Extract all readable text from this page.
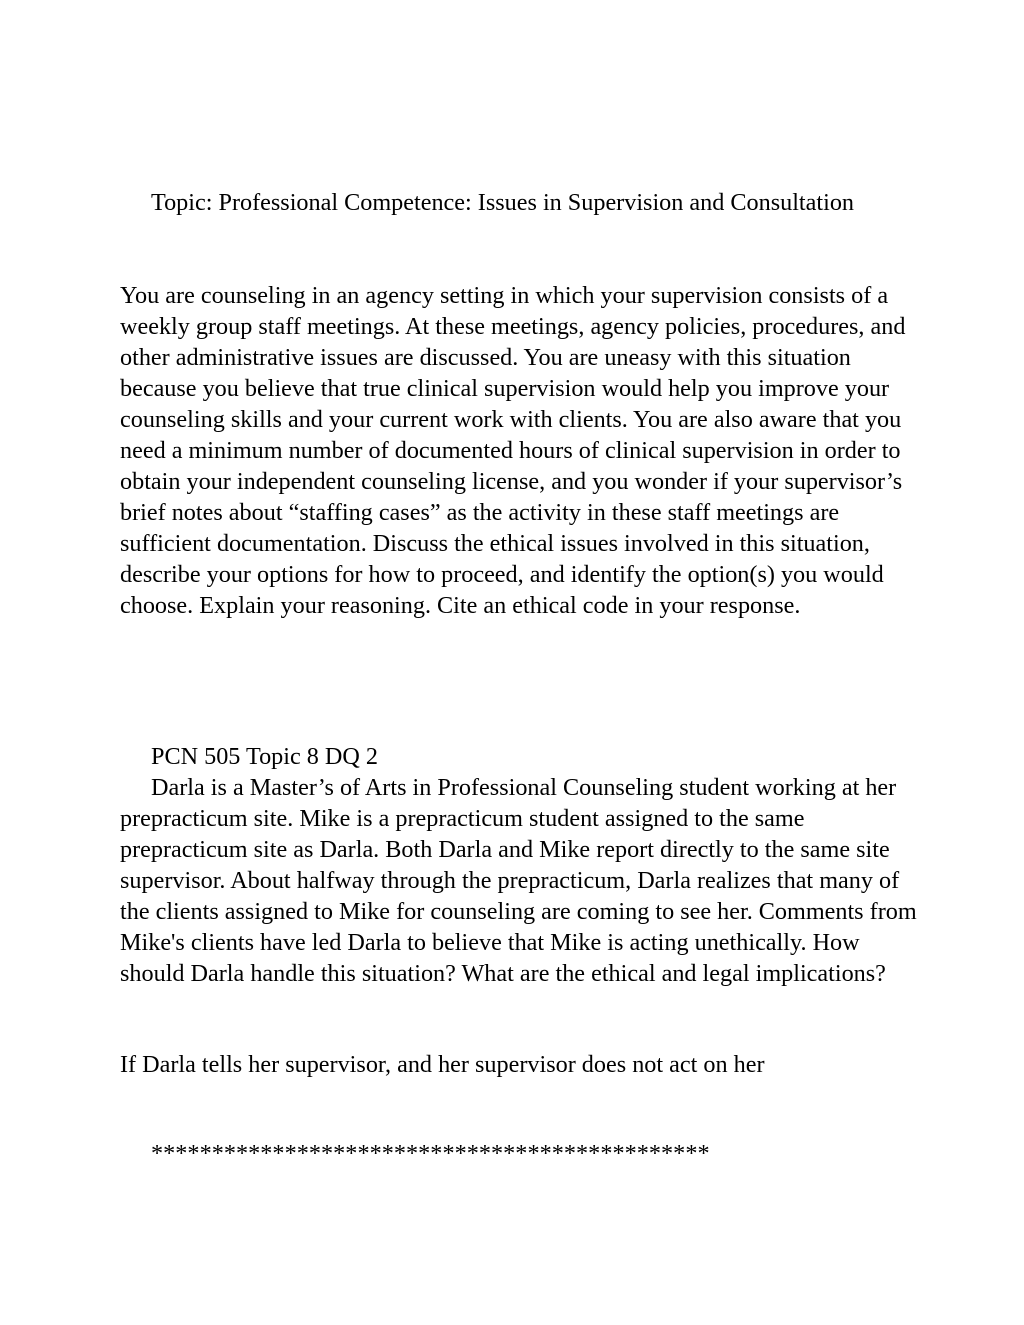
Topic: Professional Competence: Issues in Supervision and Consultation

You are counseling in an agency setting in which your supervision consists of a weekly group staff meetings. At these meetings, agency policies, procedures, and other administrative issues are discussed. You are uneasy with this situation because you believe that true clinical supervision would help you improve your counseling skills and your current work with clients. You are also aware that you need a minimum number of documented hours of clinical supervision in order to obtain your independent counseling license, and you wonder if your supervisor’s brief notes about “staffing cases” as the activity in these staff meetings are sufficient documentation. Discuss the ethical issues involved in this situation, describe your options for how to proceed, and identify the option(s) you would choose. Explain your reasoning. Cite an ethical code in your response.

PCN 505 Topic 8 DQ 2

Darla is a Master’s of Arts in Professional Counseling student working at her prepracticum site. Mike is a prepracticum student assigned to the same prepracticum site as Darla. Both Darla and Mike report directly to the same site supervisor. About halfway through the prepracticum, Darla realizes that many of the clients assigned to Mike for counseling are coming to see her. Comments from Mike's clients have led Darla to believe that Mike is acting unethically. How should Darla handle this situation? What are the ethical and legal implications?

If Darla tells her supervisor, and her supervisor does not act on her

**********************************************
